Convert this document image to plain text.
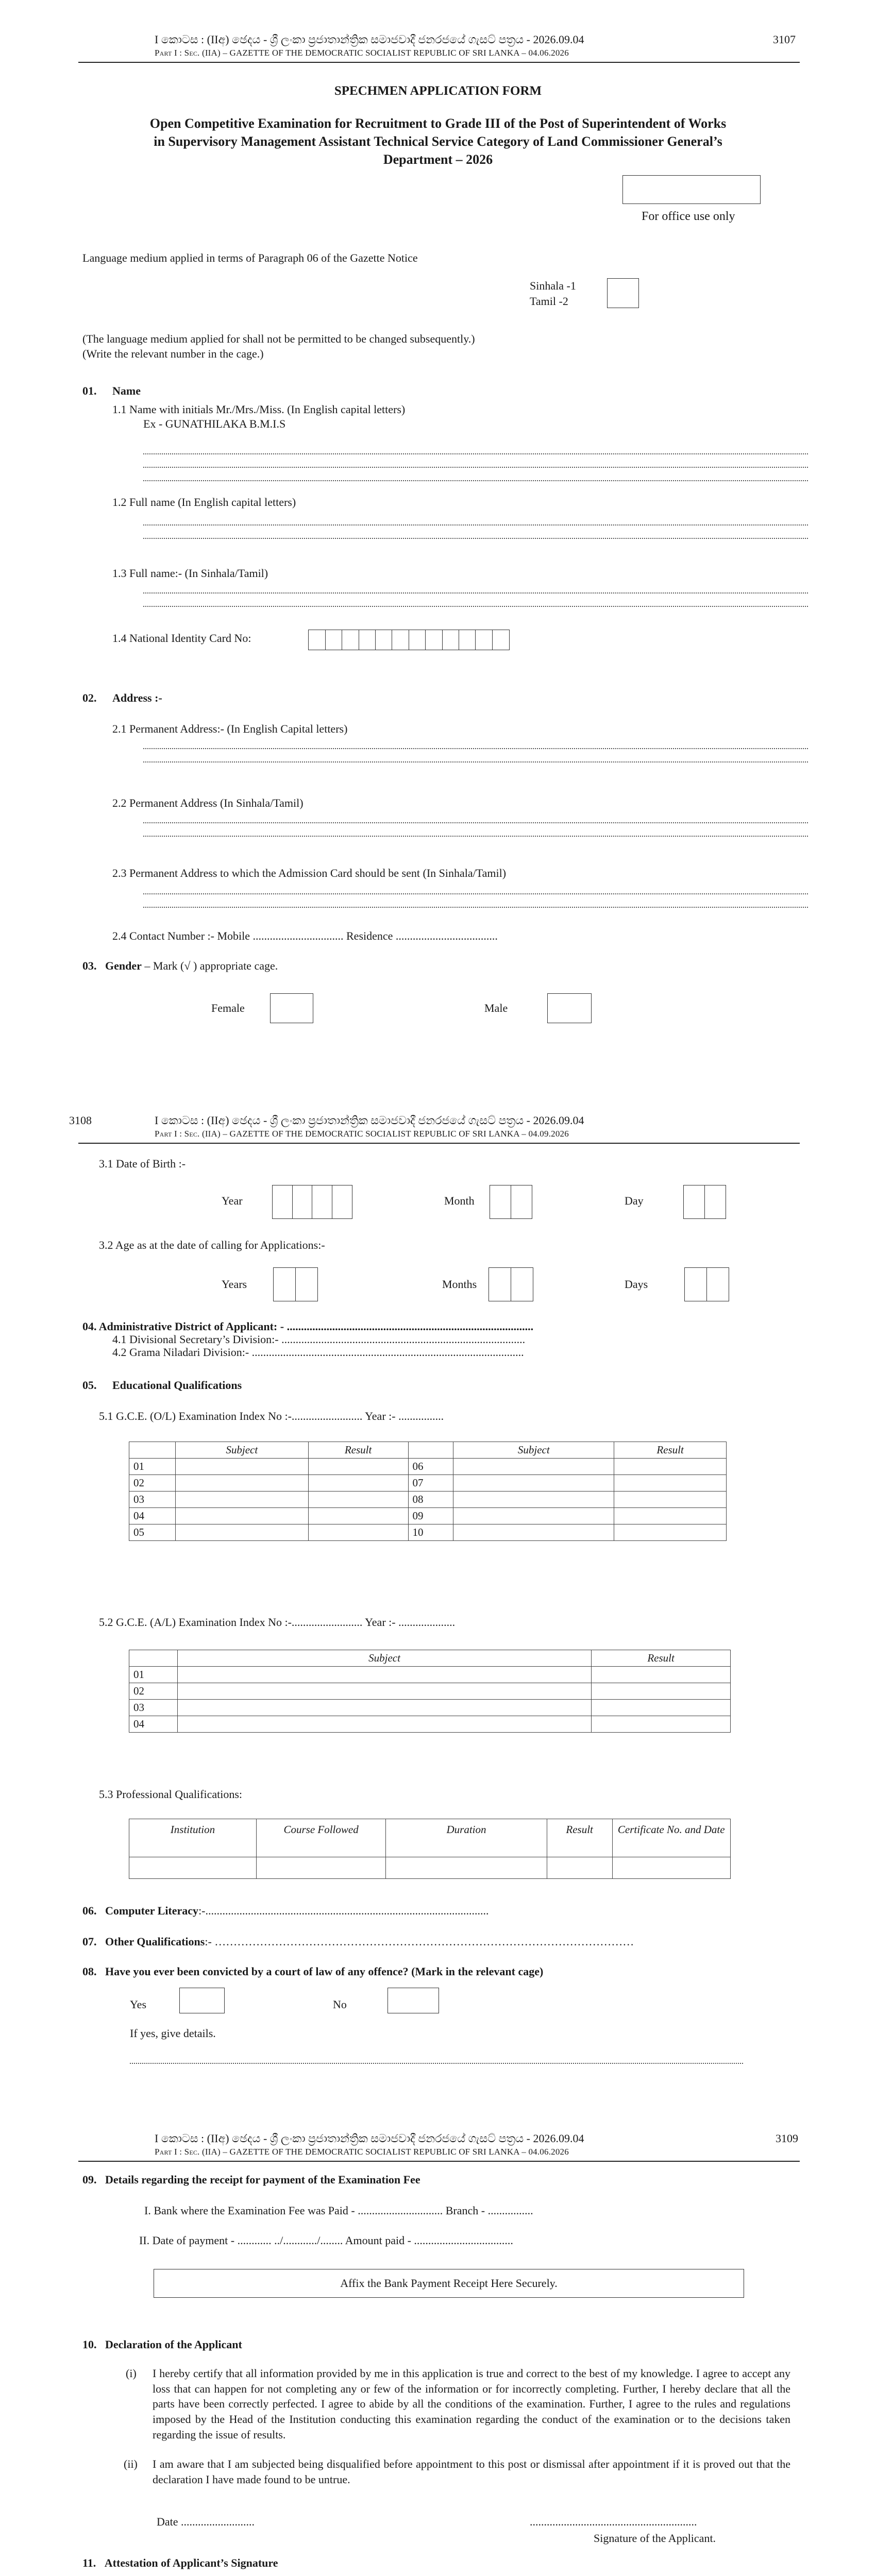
I කොටස : (IIඅ) ඡෙදය - ශ්‍රී ලංකා ප්‍රජාතාන්ත්‍රික සමාජවාදී ජනරජයේ ගැසට් පත්‍රය - 2026.09.04
Part I : Sec. (IIA) – GAZETTE OF THE DEMOCRATIC SOCIALIST REPUBLIC OF SRI LANKA – 04.06.2026
3107
SPECHMEN APPLICATION FORM
Open Competitive Examination for Recruitment to Grade III of the Post of Superintendent of Works
in Supervisory Management Assistant Technical Service Category of Land Commissioner General’s
Department – 2026
For office use only
Language medium applied in terms of Paragraph 06 of the Gazette Notice
Sinhala -1
Tamil -2
(The language medium applied for shall not be permitted to be changed subsequently.)
(Write the relevant number in the cage.)
01. Name
1.1 Name with initials Mr./Mrs./Miss. (In English capital letters)
Ex - GUNATHILAKA B.M.I.S
1.2 Full name (In English capital letters)
1.3 Full name:- (In Sinhala/Tamil)
1.4 National Identity Card No:
02. Address :-
2.1 Permanent Address:- (In English Capital letters)
2.2 Permanent Address (In Sinhala/Tamil)
2.3 Permanent Address to which the Admission Card should be sent (In Sinhala/Tamil)
2.4 Contact Number :- Mobile ................................ Residence ....................................
03. Gender – Mark (√ ) appropriate cage.
Female	Male
3108	I කොටස : (IIඅ) ඡෙදය - ශ්‍රී ලංකා ප්‍රජාතාන්ත්‍රික සමාජවාදී ජනරජයේ ගැසට් පත්‍රය - 2026.09.04
Part I : Sec. (IIA) – GAZETTE OF THE DEMOCRATIC SOCIALIST REPUBLIC OF SRI LANKA – 04.09.2026
3.1 Date of Birth :-
Year	Month	Day
3.2 Age as at the date of calling for Applications:-
Years	Months	Days
04. Administrative District of Applicant: - .......................................................................................
4.1 Divisional Secretary’s Division:- ......................................................................................
4.2 Grama Niladari Division:- ................................................................................................
05. Educational Qualifications
5.1 G.C.E. (O/L) Examination Index No :-......................... Year :- ................
	Subject	Result		Subject	Result
01			06		
02			07		
03			08		
04			09		
05			10		
5.2 G.C.E. (A/L) Examination Index No :-......................... Year :- ....................
	Subject	Result
01		
02		
03		
04		
5.3 Professional Qualifications:
Institution	Course Followed	Duration	Result	Certificate No. and Date

06. Computer Literacy:-....................................................................................................
07. Other Qualifications:- …………………………………………………………………………………………………
08. Have you ever been convicted by a court of law of any offence? (Mark in the relevant cage)
Yes	No
If yes, give details.
I කොටස : (IIඅ) ඡෙදය - ශ්‍රී ලංකා ප්‍රජාතාන්ත්‍රික සමාජවාදී ජනරජයේ ගැසට් පත්‍රය - 2026.09.04
Part I : Sec. (IIA) – GAZETTE OF THE DEMOCRATIC SOCIALIST REPUBLIC OF SRI LANKA – 04.06.2026
3109
09. Details regarding the receipt for payment of the Examination Fee
I. Bank where the Examination Fee was Paid - .............................. Branch - ................
II. Date of payment - ............ ../............/........ Amount paid - ...................................
Affix the Bank Payment Receipt Here Securely.
10. Declaration of the Applicant
(i) I hereby certify that all information provided by me in this application is true and correct to the best of my knowledge. I agree to accept any loss that can happen for not completing any or few of the information or for incorrectly completing. Further, I hereby declare that all the parts have been correctly perfected. I agree to abide by all the conditions of the examination. Further, I agree to the rules and regulations imposed by the Head of the Institution conducting this examination regarding the conduct of the examination or to the decisions taken regarding the issue of results.

(ii) I am aware that I am subjected being disqualified before appointment to this post or dismissal after appointment if it is proved out that the declaration I have made found to be untrue.

Date ..........................	...........................................................
Signature of the Applicant.
11. Attestation of Applicant’s Signature
